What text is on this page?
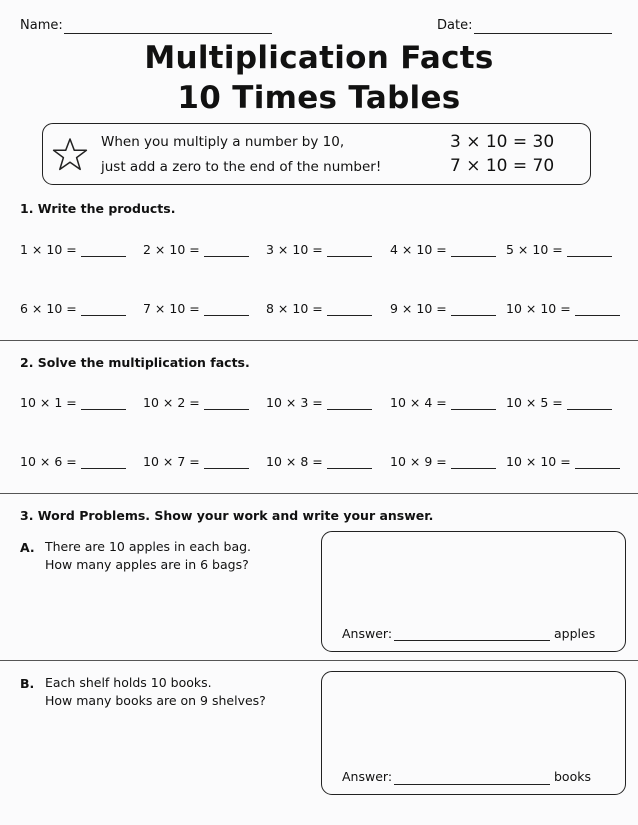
Name:	Date:
Multiplication Facts
10 Times Tables
When you multiply a number by 10,
just add a zero to the end of the number!
3 × 10 = 30
7 × 10 = 70
1. Write the products.
1 × 10 =	2 × 10 =	3 × 10 =	4 × 10 =	5 × 10 =
6 × 10 =	7 × 10 =	8 × 10 =	9 × 10 =	10 × 10 =
2. Solve the multiplication facts.
10 × 1 =	10 × 2 =	10 × 3 =	10 × 4 =	10 × 5 =
10 × 6 =	10 × 7 =	10 × 8 =	10 × 9 =	10 × 10 =
3. Word Problems. Show your work and write your answer.
A. There are 10 apples in each bag.
How many apples are in 6 bags?
Answer:	apples
B. Each shelf holds 10 books.
How many books are on 9 shelves?
Answer:	books
